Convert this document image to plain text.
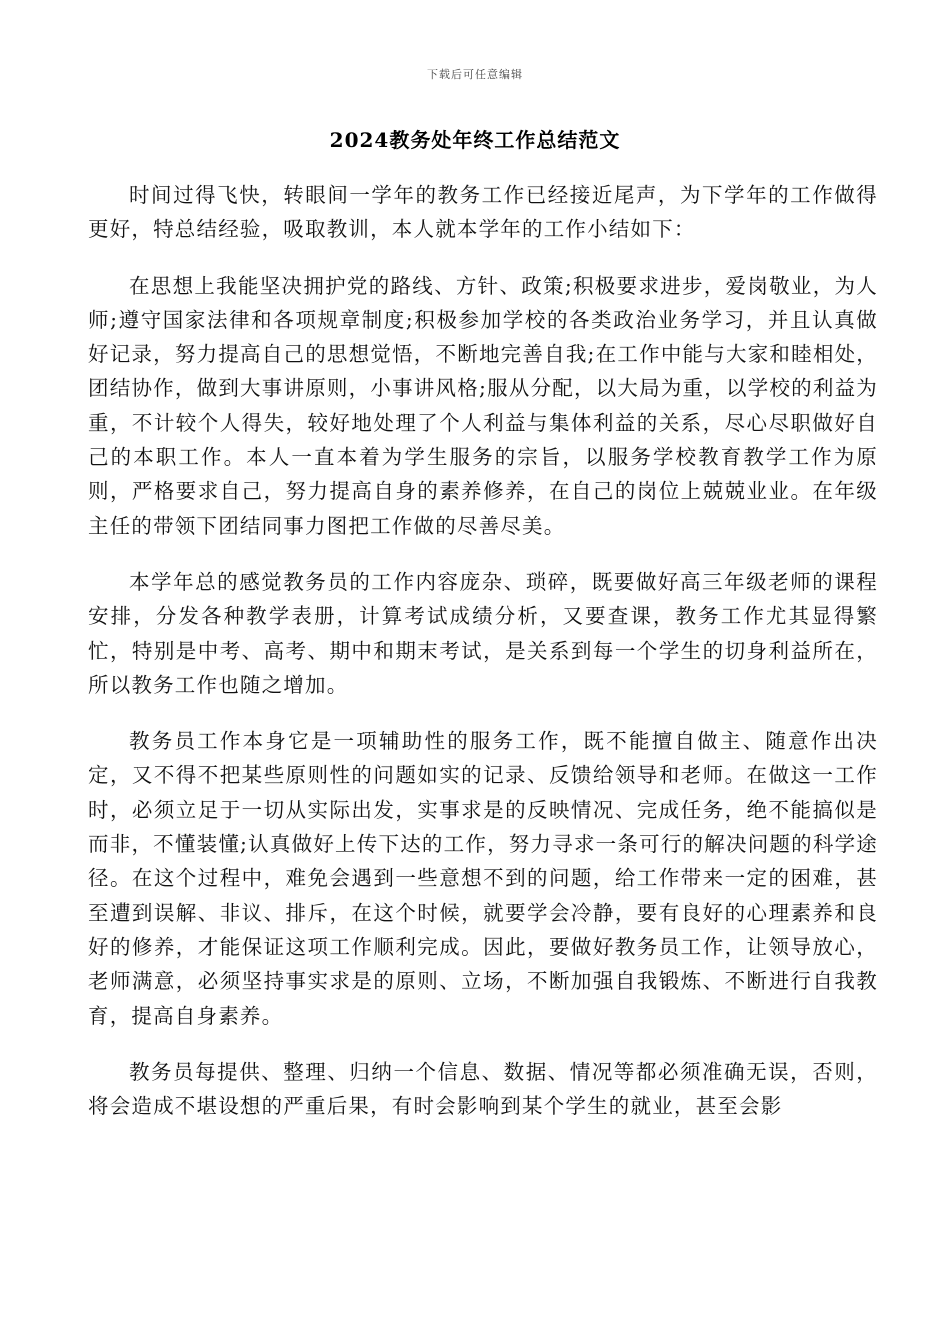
下载后可任意编辑
2024教务处年终工作总结范文

时间过得飞快，转眼间一学年的教务工作已经接近尾声，为下学年的工作做得更好，特总结经验，吸取教训，本人就本学年的工作小结如下：

在思想上我能坚决拥护党的路线、方针、政策;积极要求进步，爱岗敬业，为人师;遵守国家法律和各项规章制度;积极参加学校的各类政治业务学习，并且认真做好记录，努力提高自己的思想觉悟，不断地完善自我;在工作中能与大家和睦相处，团结协作，做到大事讲原则，小事讲风格;服从分配，以大局为重，以学校的利益为重，不计较个人得失，较好地处理了个人利益与集体利益的关系，尽心尽职做好自己的本职工作。本人一直本着为学生服务的宗旨，以服务学校教育教学工作为原则，严格要求自己，努力提高自身的素养修养，在自己的岗位上兢兢业业。在年级主任的带领下团结同事力图把工作做的尽善尽美。

本学年总的感觉教务员的工作内容庞杂、琐碎，既要做好高三年级老师的课程安排，分发各种教学表册，计算考试成绩分析，又要查课，教务工作尤其显得繁忙，特别是中考、高考、期中和期末考试，是关系到每一个学生的切身利益所在，所以教务工作也随之增加。

教务员工作本身它是一项辅助性的服务工作，既不能擅自做主、随意作出决定，又不得不把某些原则性的问题如实的记录、反馈给领导和老师。在做这一工作时，必须立足于一切从实际出发，实事求是的反映情况、完成任务，绝不能搞似是而非，不懂装懂;认真做好上传下达的工作，努力寻求一条可行的解决问题的科学途径。在这个过程中，难免会遇到一些意想不到的问题，给工作带来一定的困难，甚至遭到误解、非议、排斥，在这个时候，就要学会冷静，要有良好的心理素养和良好的修养，才能保证这项工作顺利完成。因此，要做好教务员工作，让领导放心，老师满意，必须坚持事实求是的原则、立场，不断加强自我锻炼、不断进行自我教育，提高自身素养。

教务员每提供、整理、归纳一个信息、数据、情况等都必须准确无误，否则，将会造成不堪设想的严重后果，有时会影响到某个学生的就业，甚至会影
